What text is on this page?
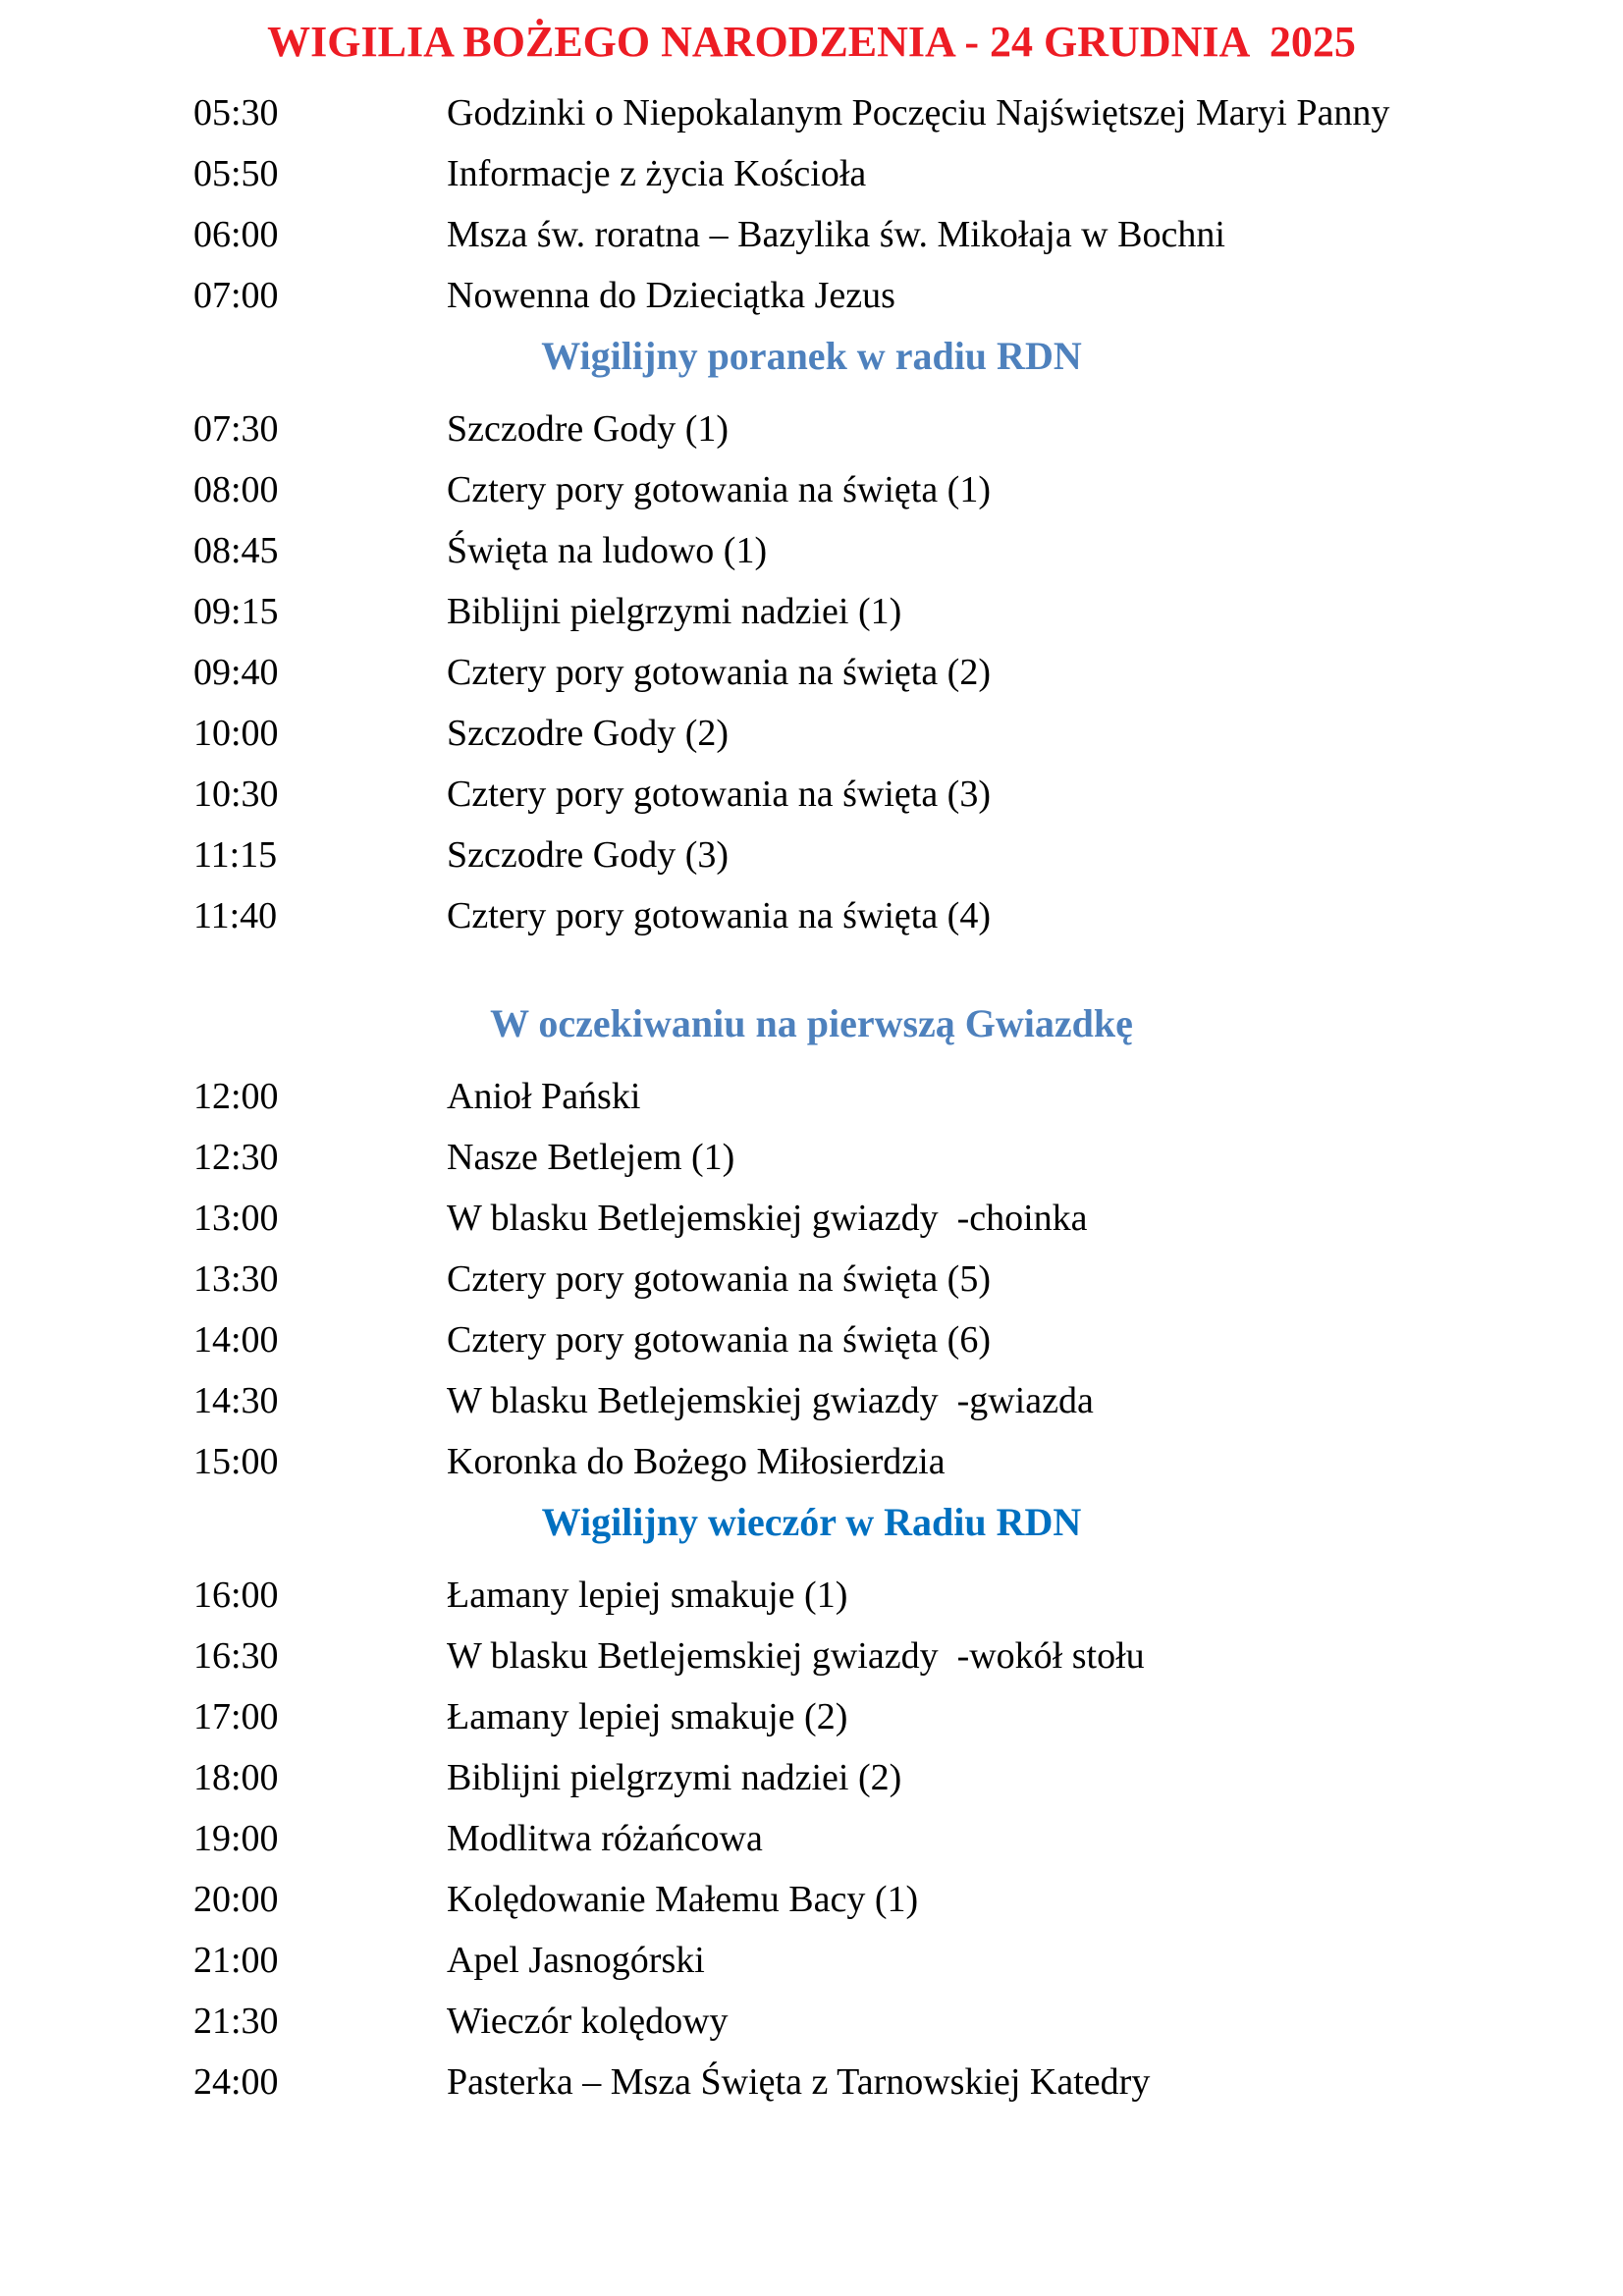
WIGILIA BOŻEGO NARODZENIA - 24 GRUDNIA  2025
05:30	Godzinki o Niepokalanym Poczęciu Najświętszej Maryi Panny
05:50	Informacje z życia Kościoła
06:00	Msza św. roratna – Bazylika św. Mikołaja w Bochni
07:00	Nowenna do Dzieciątka Jezus
Wigilijny poranek w radiu RDN
07:30	Szczodre Gody (1)
08:00	Cztery pory gotowania na święta (1)
08:45	Święta na ludowo (1)
09:15	Biblijni pielgrzymi nadziei (1)
09:40	Cztery pory gotowania na święta (2)
10:00	Szczodre Gody (2)
10:30	Cztery pory gotowania na święta (3)
11:15	Szczodre Gody (3)
11:40	Cztery pory gotowania na święta (4)
W oczekiwaniu na pierwszą Gwiazdkę
12:00	Anioł Pański
12:30	Nasze Betlejem (1)
13:00	W blasku Betlejemskiej gwiazdy  -choinka
13:30	Cztery pory gotowania na święta (5)
14:00	Cztery pory gotowania na święta (6)
14:30	W blasku Betlejemskiej gwiazdy  -gwiazda
15:00	Koronka do Bożego Miłosierdzia
Wigilijny wieczór w Radiu RDN
16:00	Łamany lepiej smakuje (1)
16:30	W blasku Betlejemskiej gwiazdy  -wokół stołu
17:00	Łamany lepiej smakuje (2)
18:00	Biblijni pielgrzymi nadziei (2)
19:00	Modlitwa różańcowa
20:00	Kolędowanie Małemu Bacy (1)
21:00	Apel Jasnogórski
21:30	Wieczór kolędowy
24:00	Pasterka – Msza Święta z Tarnowskiej Katedry
